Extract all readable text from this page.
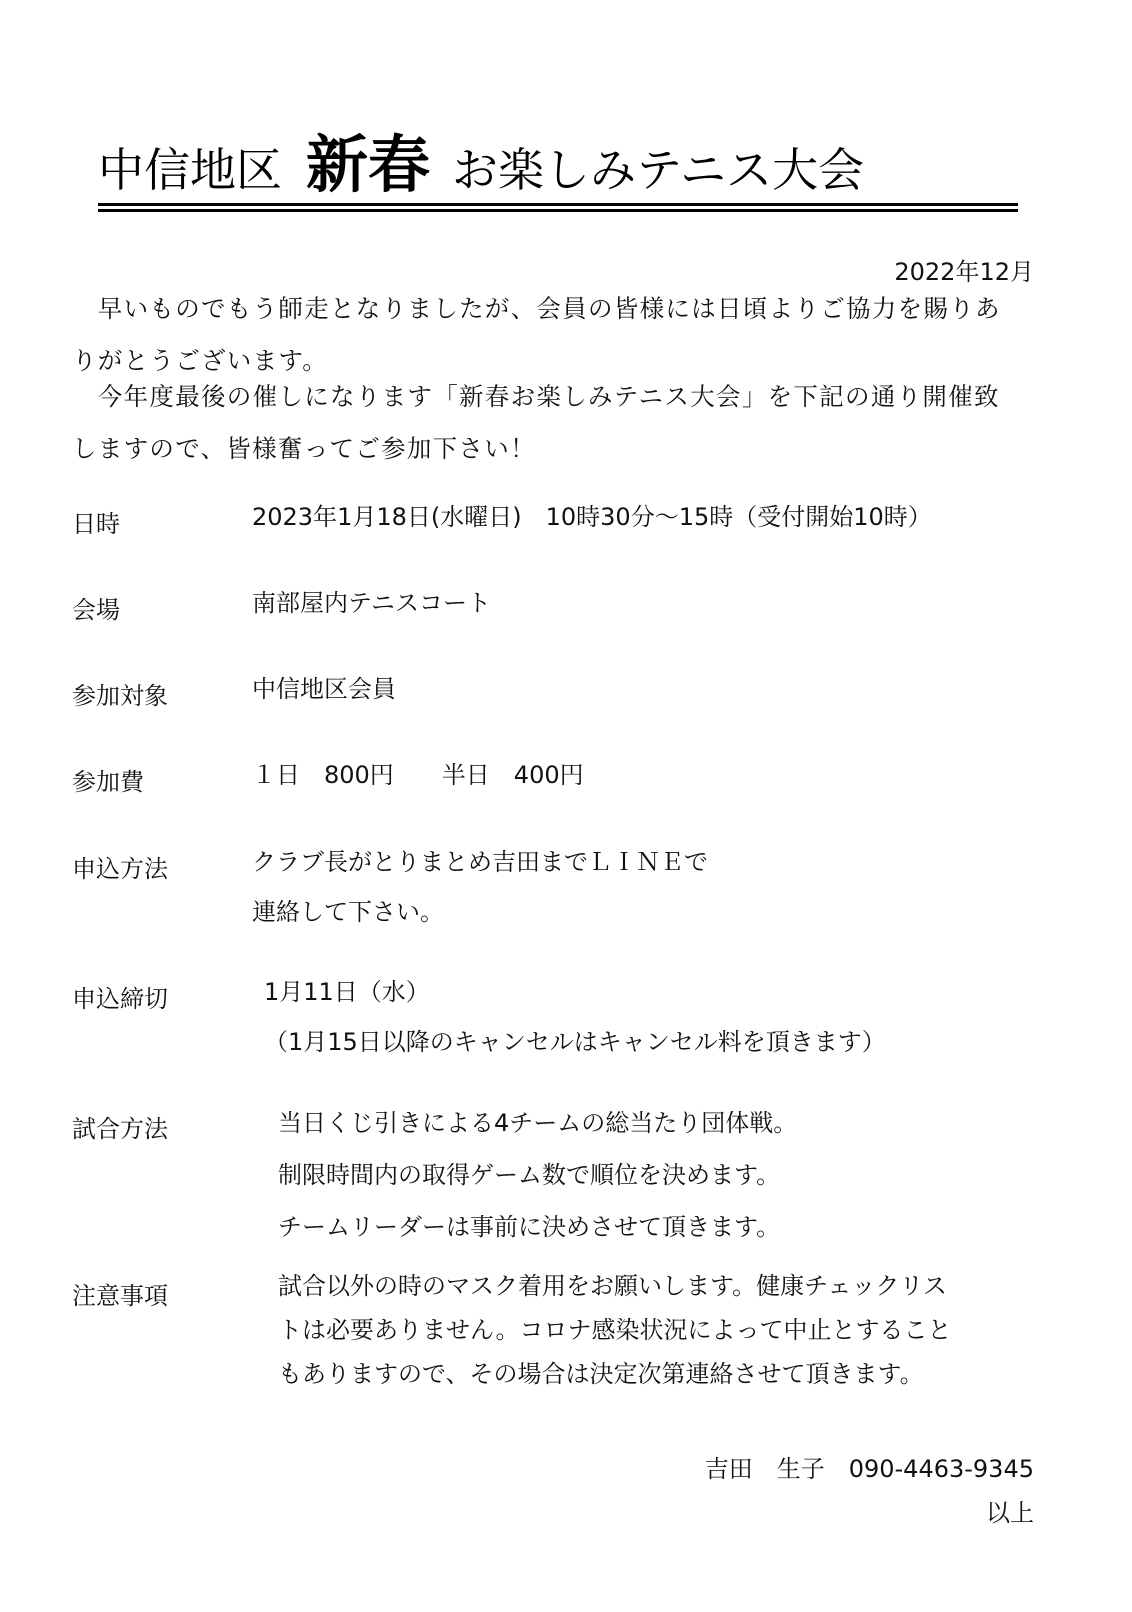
中信地区 新春 お楽しみテニス大会
2022年12月
　早いものでもう師走となりましたが、会員の皆様には日頃よりご協力を賜りあ
りがとうございます。
　今年度最後の催しになります「新春お楽しみテニス大会」を下記の通り開催致
しますので、皆様奮ってご参加下さい！
日時	2023年1月18日(水曜日)　10時30分～15時（受付開始10時）
会場	南部屋内テニスコート
参加対象	中信地区会員
参加費	１日　800円　　半日　400円
申込方法	クラブ長がとりまとめ吉田までＬＩＮＥで
連絡して下さい。
申込締切	1月11日（水）
（1月15日以降のキャンセルはキャンセル料を頂きます）
試合方法	当日くじ引きによる4チームの総当たり団体戦。
制限時間内の取得ゲーム数で順位を決めます。
チームリーダーは事前に決めさせて頂きます。
注意事項	試合以外の時のマスク着用をお願いします。健康チェックリス
トは必要ありません。コロナ感染状況によって中止とすること
もありますので、その場合は決定次第連絡させて頂きます。
吉田　生子　090-4463-9345
以上
